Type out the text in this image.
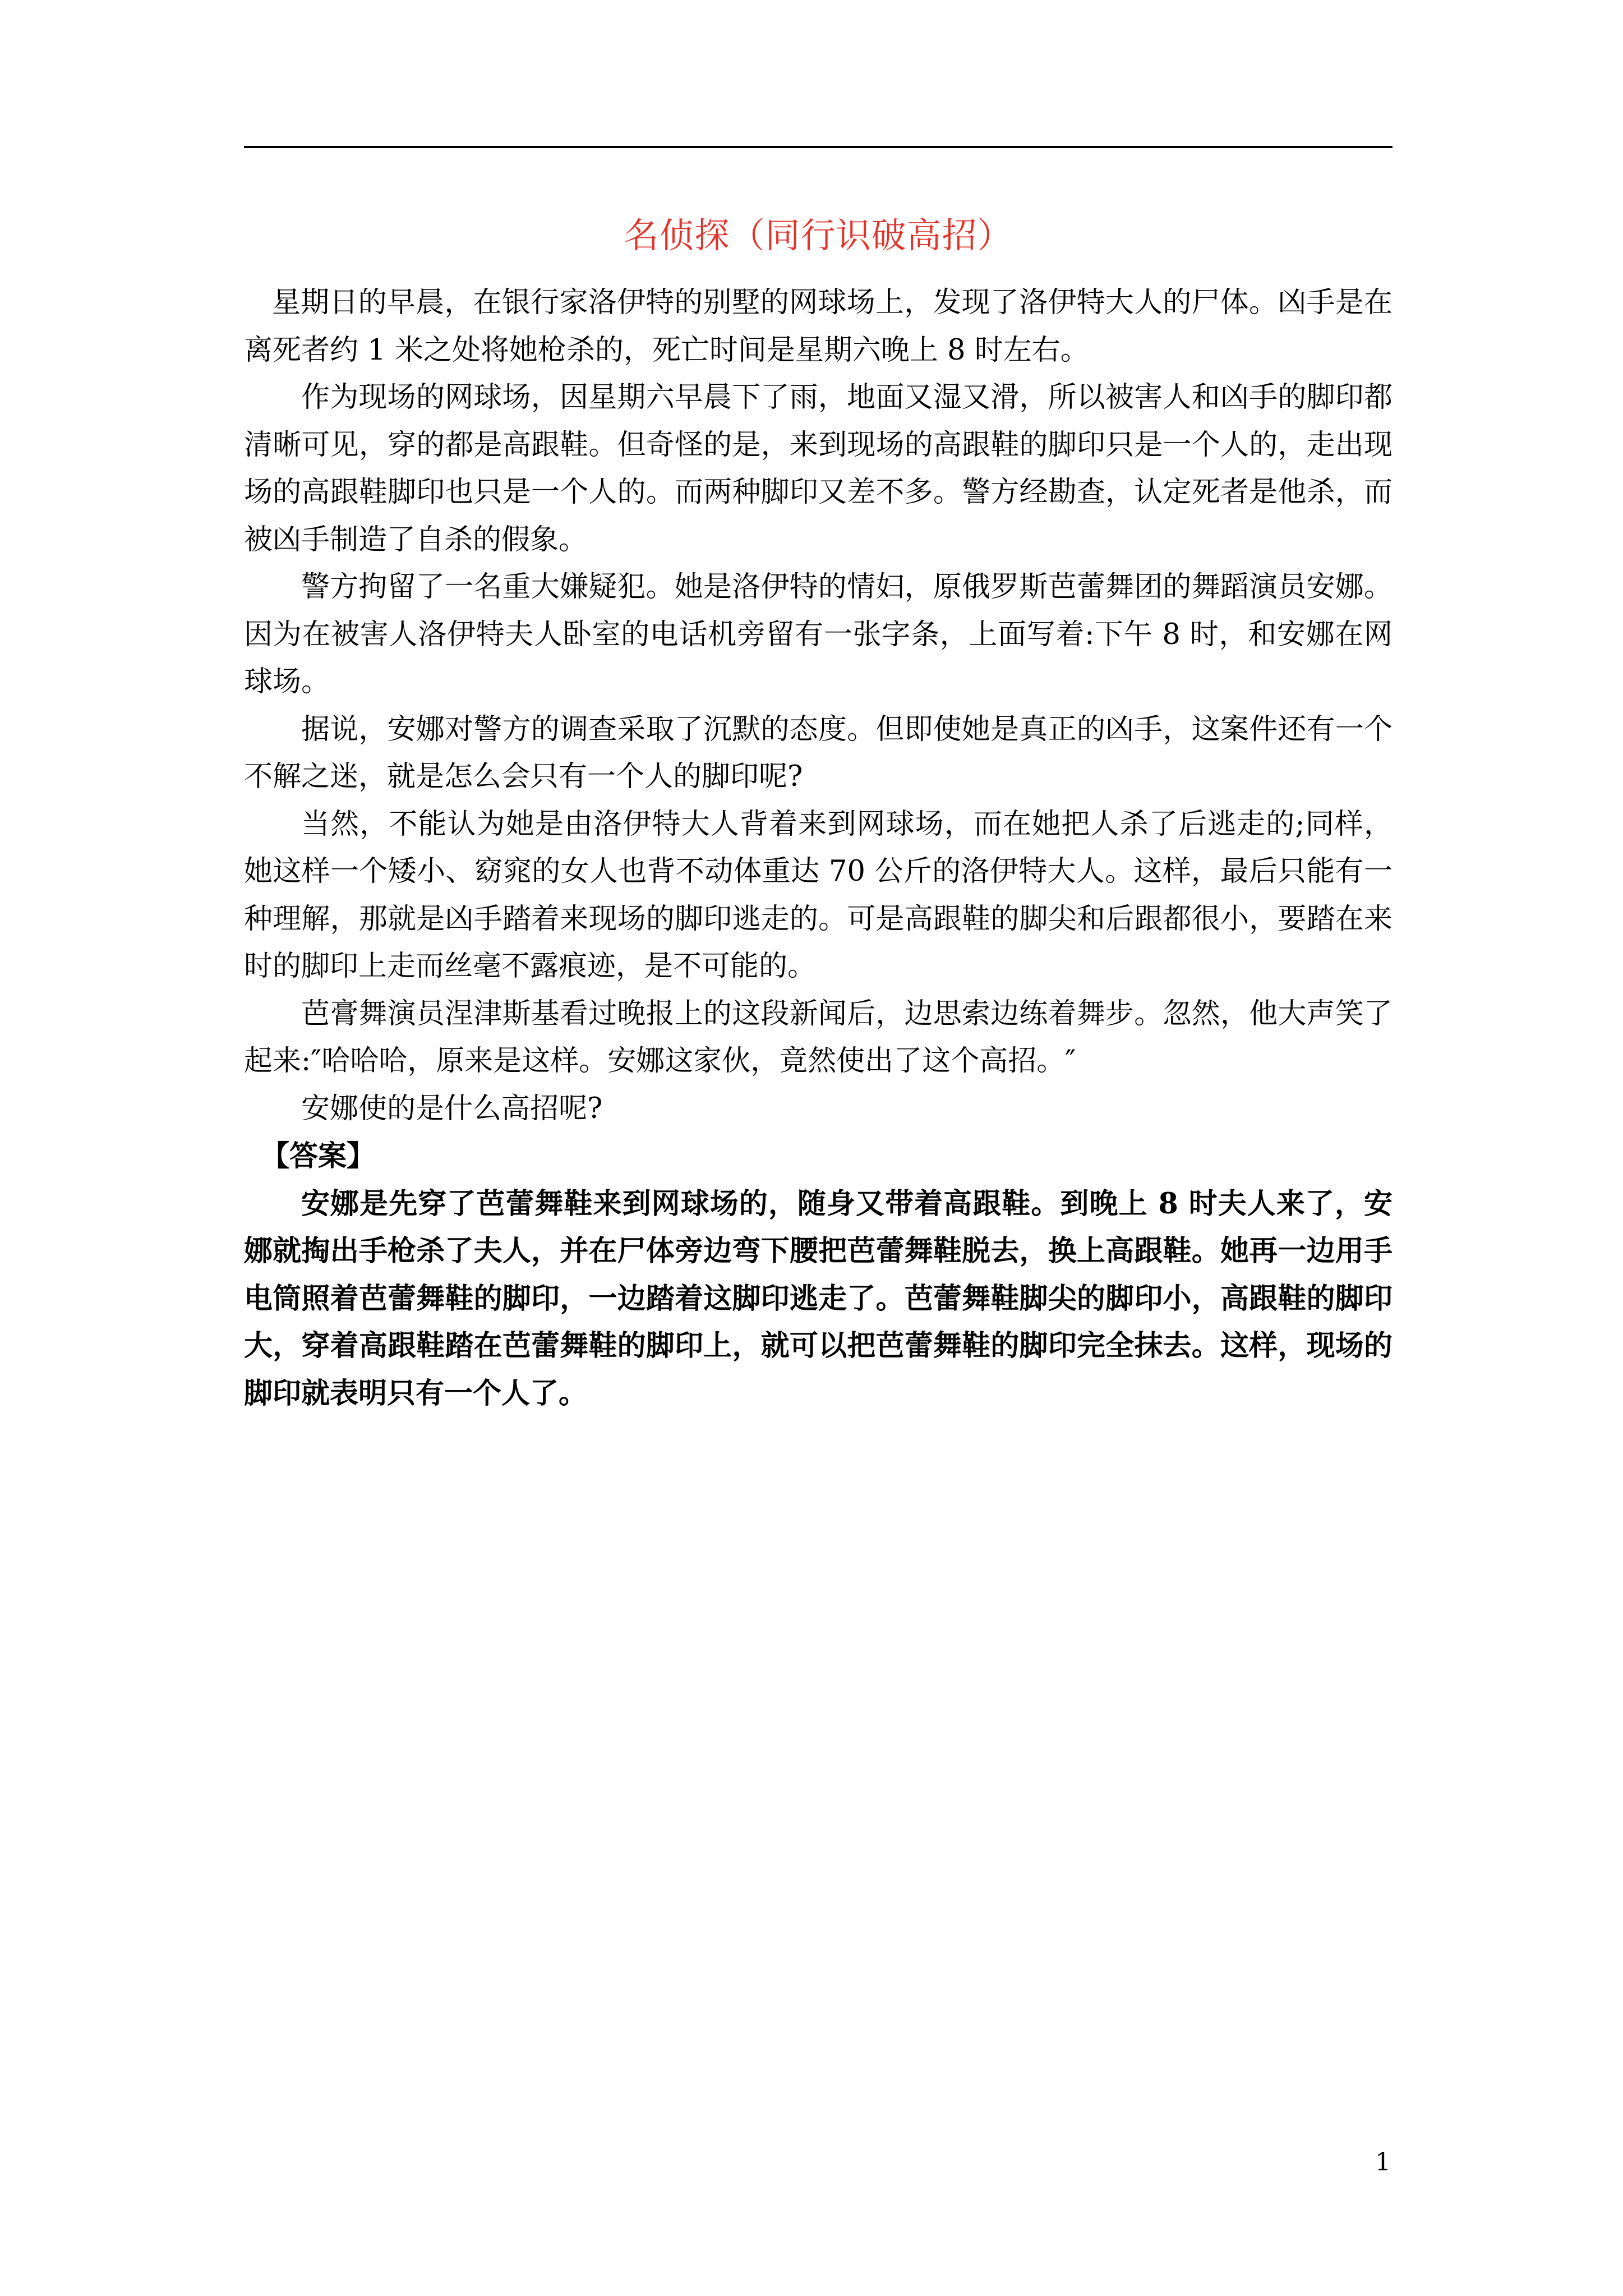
名侦探（同行识破高招）

星期日的早晨，在银行家洛伊特的别墅的网球场上，发现了洛伊特大人的尸体。凶手是在离死者约 1 米之处将她枪杀的，死亡时间是星期六晚上 8 时左右。

作为现场的网球场，因星期六早晨下了雨，地面又湿又滑，所以被害人和凶手的脚印都清晰可见，穿的都是高跟鞋。但奇怪的是，来到现场的高跟鞋的脚印只是一个人的，走出现场的高跟鞋脚印也只是一个人的。而两种脚印又差不多。警方经勘查，认定死者是他杀，而被凶手制造了自杀的假象。

警方拘留了一名重大嫌疑犯。她是洛伊特的情妇，原俄罗斯芭蕾舞团的舞蹈演员安娜。因为在被害人洛伊特夫人卧室的电话机旁留有一张字条，上面写着:下午 8 时，和安娜在网球场。

据说，安娜对警方的调查采取了沉默的态度。但即使她是真正的凶手，这案件还有一个不解之迷，就是怎么会只有一个人的脚印呢?

当然，不能认为她是由洛伊特大人背着来到网球场，而在她把人杀了后逃走的;同样，她这样一个矮小、窈窕的女人也背不动体重达 70 公斤的洛伊特大人。这样，最后只能有一种理解，那就是凶手踏着来现场的脚印逃走的。可是高跟鞋的脚尖和后跟都很小，要踏在来时的脚印上走而丝毫不露痕迹，是不可能的。

芭膏舞演员涅津斯基看过晚报上的这段新闻后，边思索边练着舞步。忽然，他大声笑了起来:″哈哈哈，原来是这样。安娜这家伙，竟然使出了这个高招。″

安娜使的是什么高招呢?

【答案】

安娜是先穿了芭蕾舞鞋来到网球场的，随身又带着高跟鞋。到晚上 8 时夫人来了，安娜就掏出手枪杀了夫人，并在尸体旁边弯下腰把芭蕾舞鞋脱去，换上高跟鞋。她再一边用手电筒照着芭蕾舞鞋的脚印，一边踏着这脚印逃走了。芭蕾舞鞋脚尖的脚印小，高跟鞋的脚印大，穿着高跟鞋踏在芭蕾舞鞋的脚印上，就可以把芭蕾舞鞋的脚印完全抹去。这样，现场的脚印就表明只有一个人了。

1
